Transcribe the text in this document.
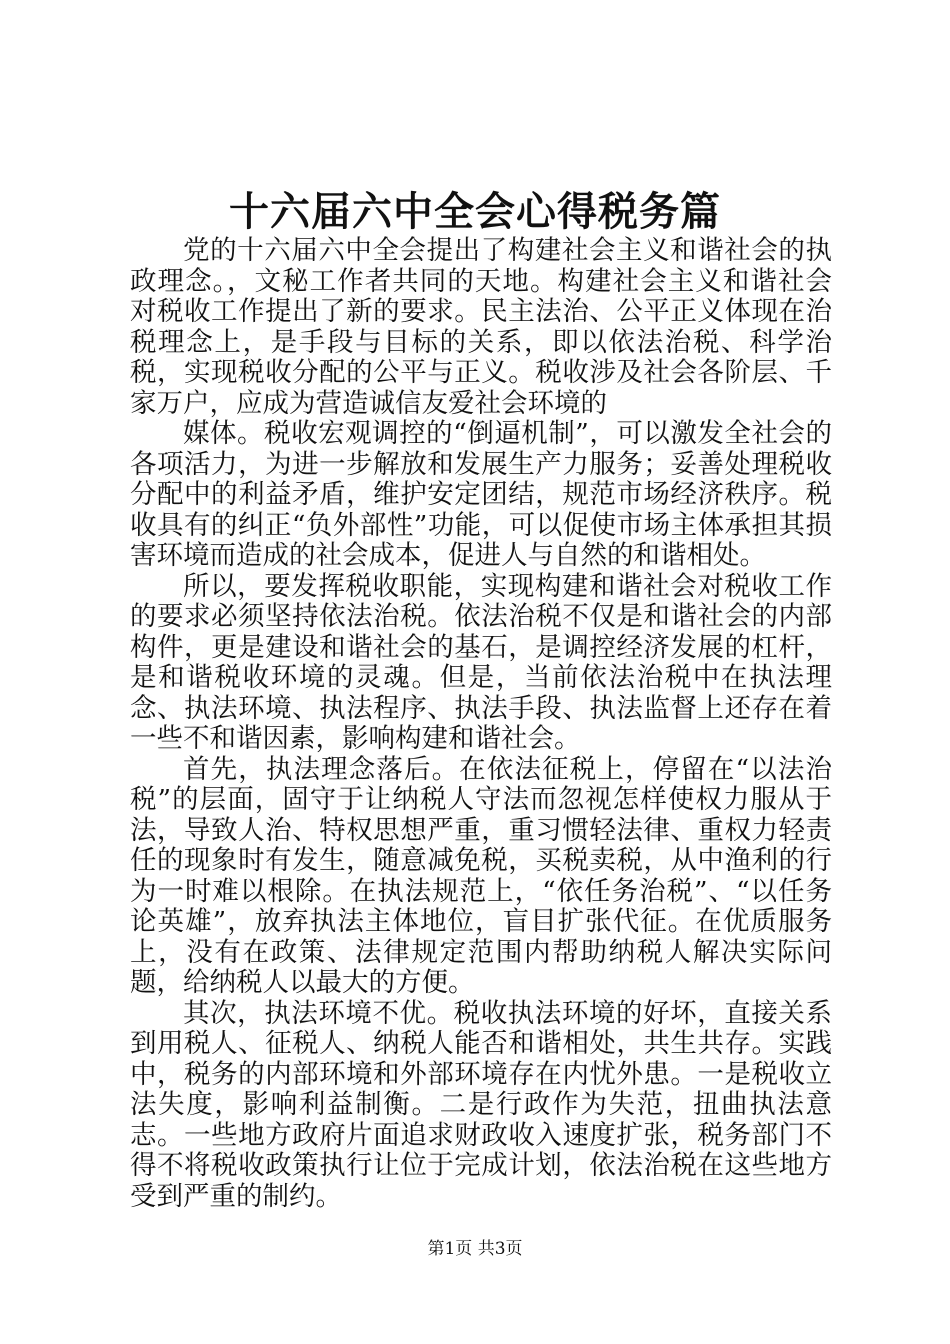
十六届六中全会心得税务篇

党的十六届六中全会提出了构建社会主义和谐社会的执政理念。，文秘工作者共同的天地。构建社会主义和谐社会对税收工作提出了新的要求。民主法治、公平正义体现在治税理念上，是手段与目标的关系，即以依法治税、科学治税，实现税收分配的公平与正义。税收涉及社会各阶层、千家万户，应成为营造诚信友爱社会环境的

媒体。税收宏观调控的“倒逼机制”，可以激发全社会的各项活力，为进一步解放和发展生产力服务；妥善处理税收分配中的利益矛盾，维护安定团结，规范市场经济秩序。税收具有的纠正“负外部性”功能，可以促使市场主体承担其损害环境而造成的社会成本，促进人与自然的和谐相处。

所以，要发挥税收职能，实现构建和谐社会对税收工作的要求必须坚持依法治税。依法治税不仅是和谐社会的内部构件，更是建设和谐社会的基石，是调控经济发展的杠杆，是和谐税收环境的灵魂。但是，当前依法治税中在执法理念、执法环境、执法程序、执法手段、执法监督上还存在着一些不和谐因素，影响构建和谐社会。

首先，执法理念落后。在依法征税上，停留在“以法治税”的层面，固守于让纳税人守法而忽视怎样使权力服从于法，导致人治、特权思想严重，重习惯轻法律、重权力轻责任的现象时有发生，随意减免税，买税卖税，从中渔利的行为一时难以根除。在执法规范上，“依任务治税”、“以任务论英雄”，放弃执法主体地位，盲目扩张代征。在优质服务上，没有在政策、法律规定范围内帮助纳税人解决实际问题，给纳税人以最大的方便。

其次，执法环境不优。税收执法环境的好坏，直接关系到用税人、征税人、纳税人能否和谐相处，共生共存。实践中，税务的内部环境和外部环境存在内忧外患。一是税收立法失度，影响利益制衡。二是行政作为失范，扭曲执法意志。一些地方政府片面追求财政收入速度扩张，税务部门不得不将税收政策执行让位于完成计划，依法治税在这些地方受到严重的制约。

第1页 共3页
